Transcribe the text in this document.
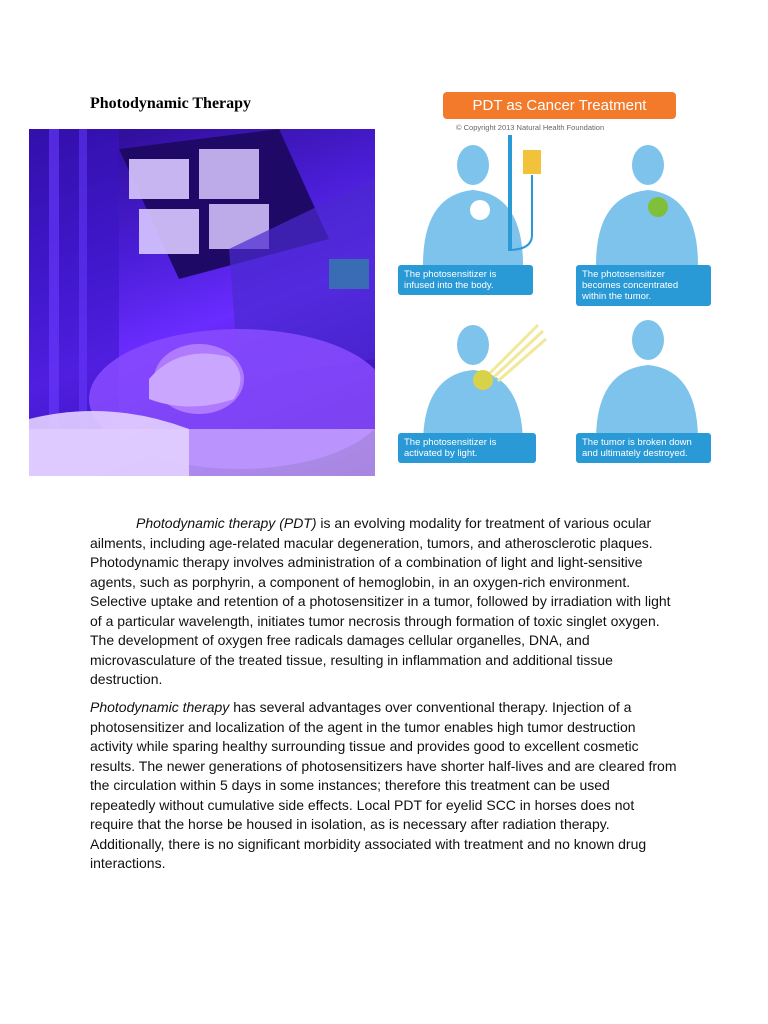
Photodynamic Therapy	PDT as Cancer Treatment
© Copyright 2013 Natural Health Foundation
The photosensitizer is infused into the body.
The photosensitizer becomes concentrated within the tumor.
The photosensitizer is activated by light.
The tumor is broken down and ultimately destroyed.

Photodynamic therapy (PDT) is an evolving modality for treatment of various ocular ailments, including age-related macular degeneration, tumors, and atherosclerotic plaques. Photodynamic therapy involves administration of a combination of light and light-sensitive agents, such as porphyrin, a component of hemoglobin, in an oxygen-rich environment. Selective uptake and retention of a photosensitizer in a tumor, followed by irradiation with light of a particular wavelength, initiates tumor necrosis through formation of toxic singlet oxygen. The development of oxygen free radicals damages cellular organelles, DNA, and microvasculature of the treated tissue, resulting in inflammation and additional tissue destruction.

Photodynamic therapy has several advantages over conventional therapy. Injection of a photosensitizer and localization of the agent in the tumor enables high tumor destruction activity while sparing healthy surrounding tissue and provides good to excellent cosmetic results. The newer generations of photosensitizers have shorter half-lives and are cleared from the circulation within 5 days in some instances; therefore this treatment can be used repeatedly without cumulative side effects. Local PDT for eyelid SCC in horses does not require that the horse be housed in isolation, as is necessary after radiation therapy. Additionally, there is no significant morbidity associated with treatment and no known drug interactions.
